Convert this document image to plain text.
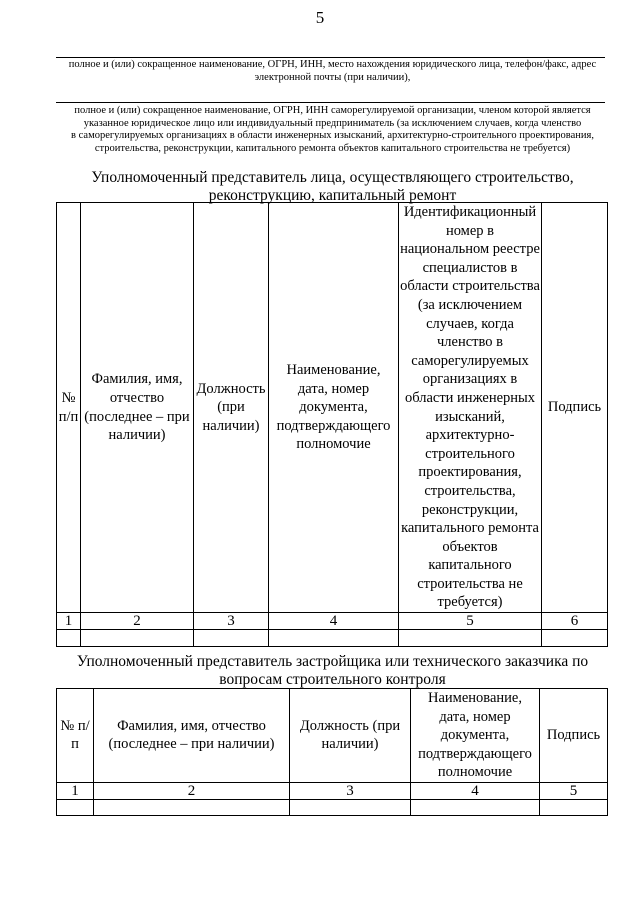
5
полное и (или) сокращенное наименование, ОГРН, ИНН, место нахождения юридического лица, телефон/факс, адрес электронной почты (при наличии),
полное и (или) сокращенное наименование, ОГРН, ИНН саморегулируемой организации, членом которой является
указанное юридическое лицо или индивидуальный предприниматель (за исключением случаев, когда членство
в саморегулируемых организациях в области инженерных изысканий, архитектурно-строительного проектирования,
строительства, реконструкции, капитального ремонта объектов капитального строительства не требуется)
Уполномоченный представитель лица, осуществляющего строительство, реконструкцию, капитальный ремонт
№ п/п	Фамилия, имя, отчество (последнее – при наличии)	Должность (при наличии)	Наименование, дата, номер документа, подтверждающего полномочие	Идентификационный номер в национальном реестре специалистов в области строительства (за исключением случаев, когда членство в саморегулируемых организациях в области инженерных изысканий, архитектурно-строительного проектирования, строительства, реконструкции, капитального ремонта объектов капитального строительства не требуется)	Подпись
1	2	3	4	5	6

Уполномоченный представитель застройщика или технического заказчика по вопросам строительного контроля
№ п/п	Фамилия, имя, отчество (последнее – при наличии)	Должность (при наличии)	Наименование, дата, номер документа, подтверждающего полномочие	Подпись
1	2	3	4	5
